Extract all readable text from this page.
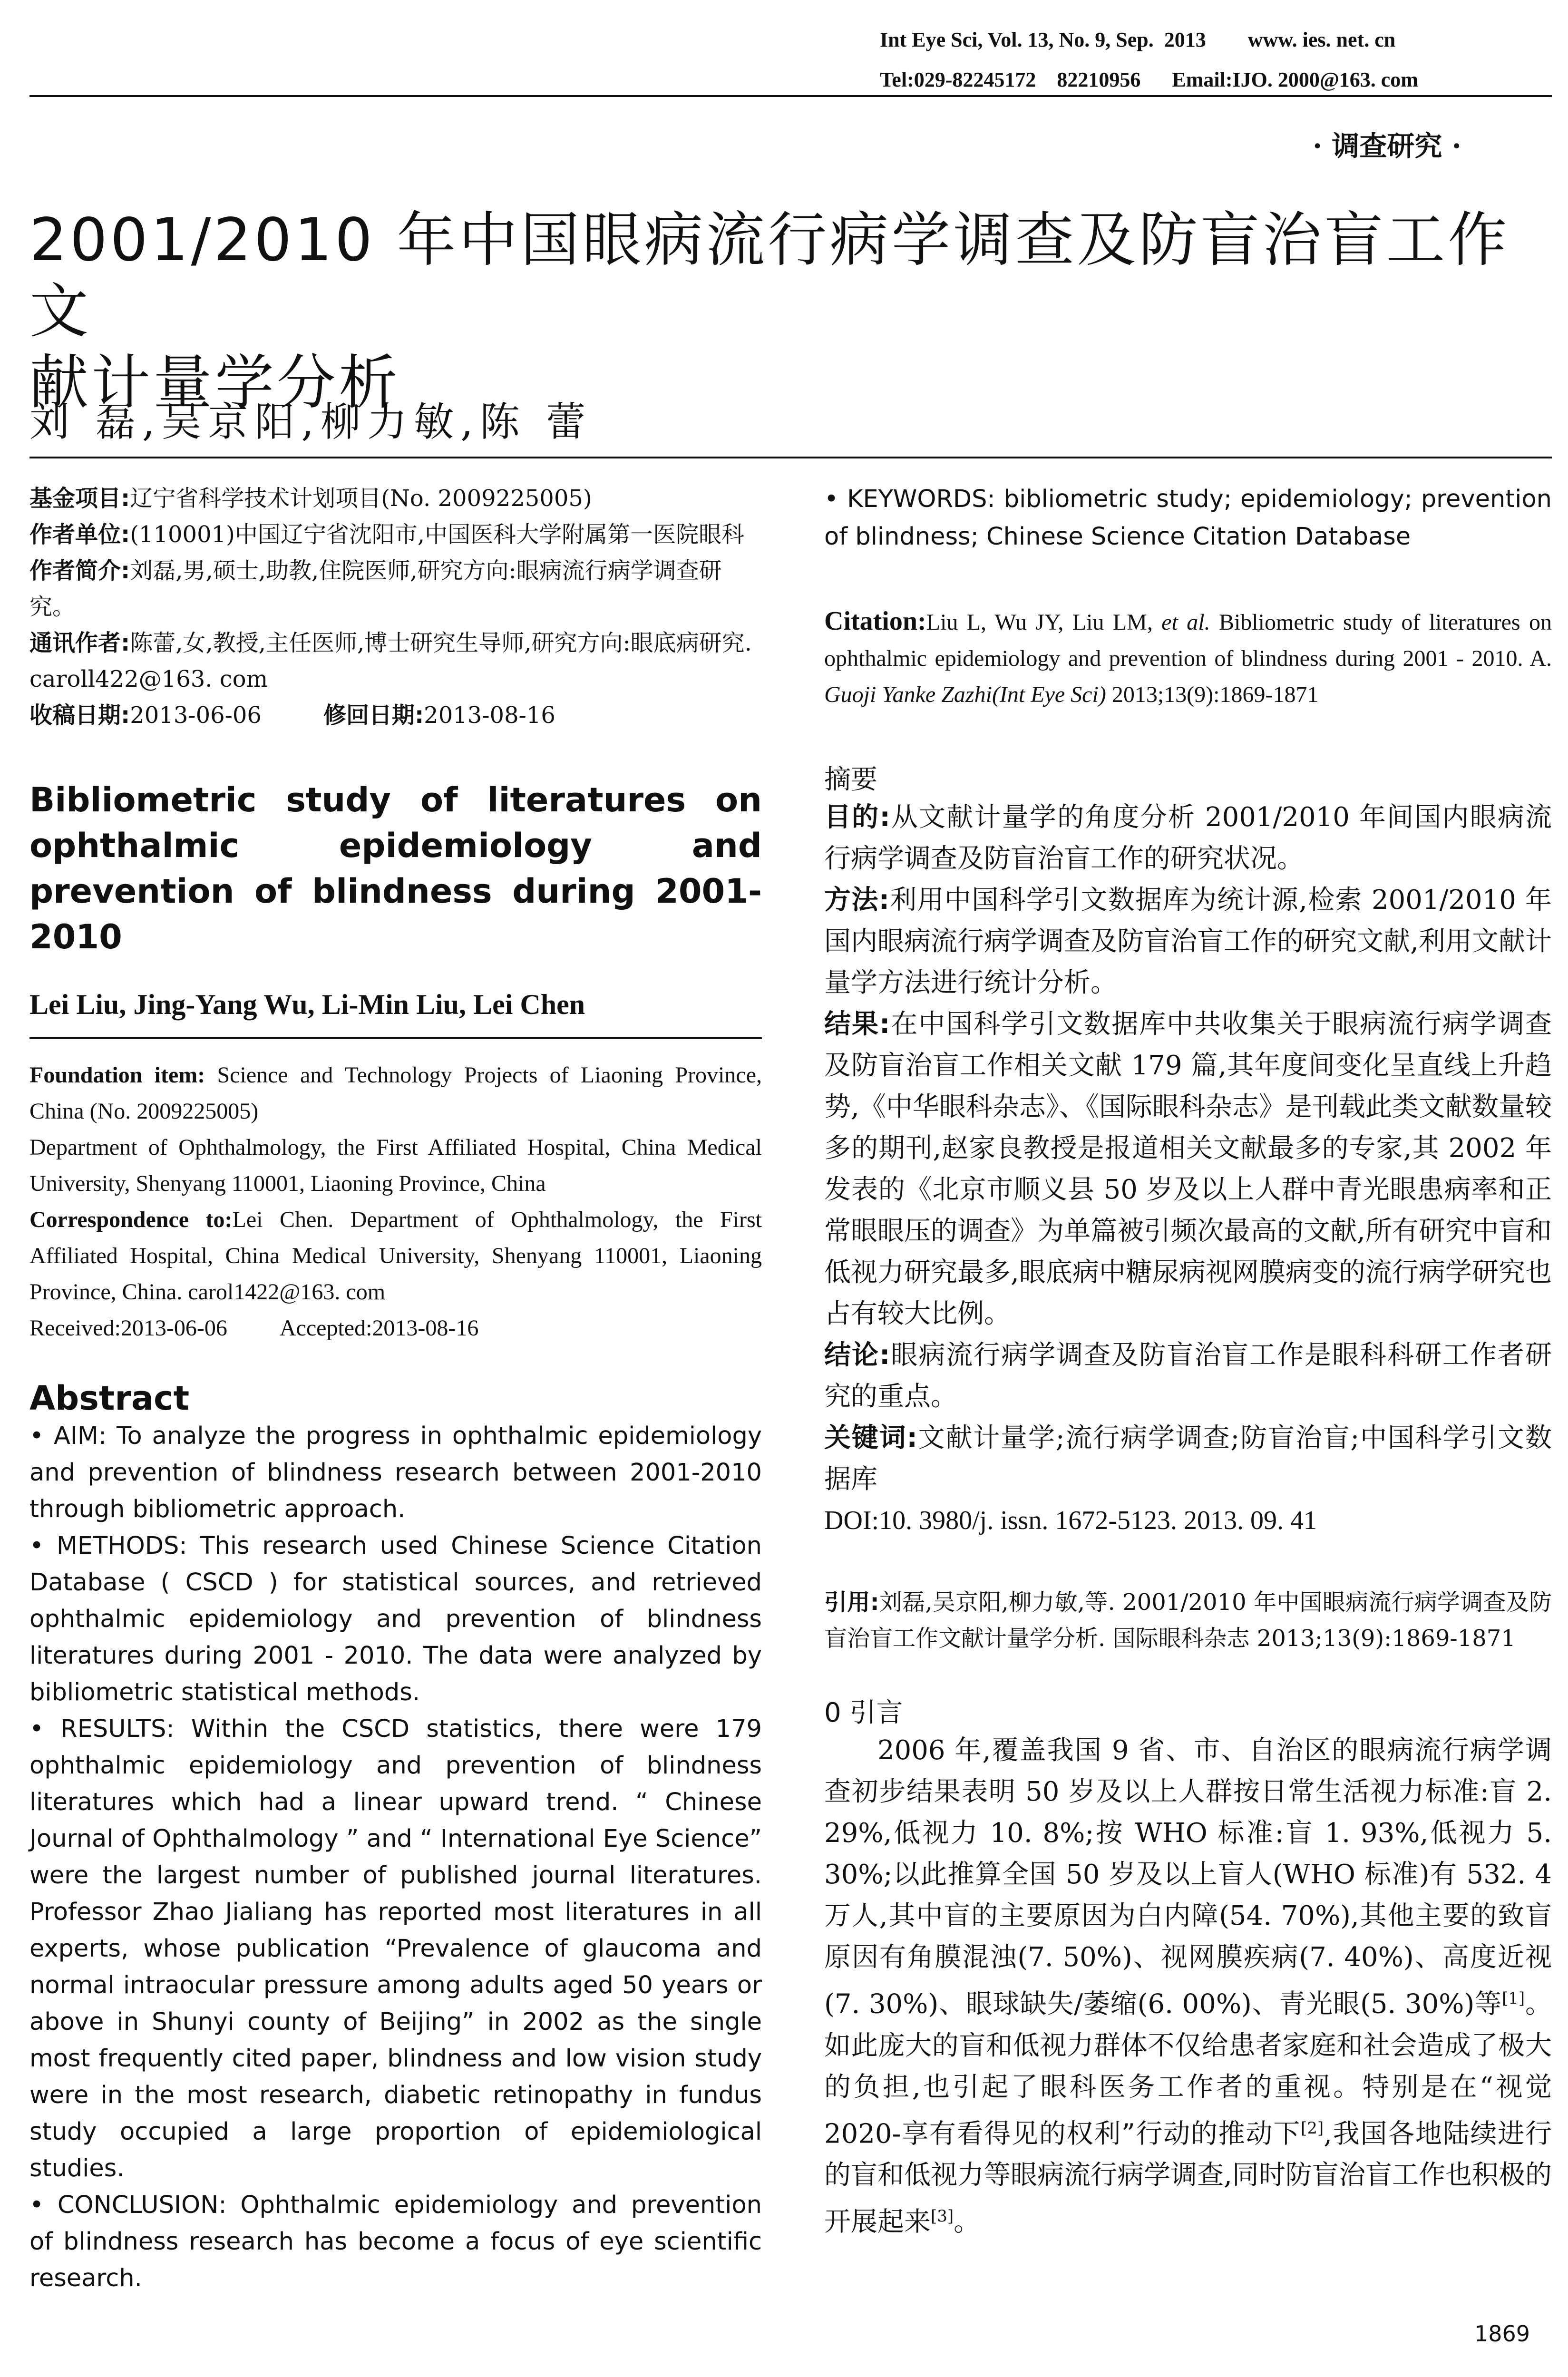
Int Eye Sci, Vol. 13, No. 9, Sep.  2013        www. ies. net. cn
Tel:029-82245172    82210956      Email:IJO. 2000@163. com
· 调查研究 ·
2001/2010 年中国眼病流行病学调查及防盲治盲工作文
献计量学分析
刘 磊,吴京阳,柳力敏,陈 蕾
基金项目:辽宁省科学技术计划项目(No. 2009225005)
作者单位:(110001)中国辽宁省沈阳市,中国医科大学附属第一医院眼科
作者简介:刘磊,男,硕士,助教,住院医师,研究方向:眼病流行病学调查研究。
通讯作者:陈蕾,女,教授,主任医师,博士研究生导师,研究方向:眼底病研究. caroll422@163. com
收稿日期:2013-06-06	修回日期:2013-08-16
Bibliometric study of literatures on ophthalmic epidemiology and prevention of blindness during 2001-2010
Lei Liu, Jing-Yang Wu, Li-Min Liu, Lei Chen
Foundation item: Science and Technology Projects of Liaoning Province, China (No. 2009225005)
Department of Ophthalmology, the First Affiliated Hospital, China Medical University, Shenyang 110001, Liaoning Province, China
Correspondence to:Lei Chen. Department of Ophthalmology, the First Affiliated Hospital, China Medical University, Shenyang 110001, Liaoning Province, China. carol1422@163. com
Received:2013-06-06 Accepted:2013-08-16
Abstract

• AIM: To analyze the progress in ophthalmic epidemiology and prevention of blindness research between 2001-2010 through bibliometric approach.

• METHODS: This research used Chinese Science Citation Database ( CSCD ) for statistical sources, and retrieved ophthalmic epidemiology and prevention of blindness literatures during 2001 - 2010. The data were analyzed by bibliometric statistical methods.

• RESULTS: Within the CSCD statistics, there were 179 ophthalmic epidemiology and prevention of blindness literatures which had a linear upward trend. “ Chinese Journal of Ophthalmology ” and “ International Eye Science” were the largest number of published journal literatures. Professor Zhao Jialiang has reported most literatures in all experts, whose publication “Prevalence of glaucoma and normal intraocular pressure among adults aged 50 years or above in Shunyi county of Beijing” in 2002 as the single most frequently cited paper, blindness and low vision study were in the most research, diabetic retinopathy in fundus study occupied a large proportion of epidemiological studies.

• CONCLUSION: Ophthalmic epidemiology and prevention of blindness research has become a focus of eye scientific research.

• KEYWORDS: bibliometric study; epidemiology; prevention of blindness; Chinese Science Citation Database
Citation:Liu L, Wu JY, Liu LM, et al. Bibliometric study of literatures on ophthalmic epidemiology and prevention of blindness during 2001 - 2010. A. Guoji Yanke Zazhi(Int Eye Sci) 2013;13(9):1869-1871
摘要

目的:从文献计量学的角度分析 2001/2010 年间国内眼病流行病学调查及防盲治盲工作的研究状况。

方法:利用中国科学引文数据库为统计源,检索 2001/2010 年国内眼病流行病学调查及防盲治盲工作的研究文献,利用文献计量学方法进行统计分析。

结果:在中国科学引文数据库中共收集关于眼病流行病学调查及防盲治盲工作相关文献 179 篇,其年度间变化呈直线上升趋势,《中华眼科杂志》、《国际眼科杂志》是刊载此类文献数量较多的期刊,赵家良教授是报道相关文献最多的专家,其 2002 年发表的《北京市顺义县 50 岁及以上人群中青光眼患病率和正常眼眼压的调查》为单篇被引频次最高的文献,所有研究中盲和低视力研究最多,眼底病中糖尿病视网膜病变的流行病学研究也占有较大比例。

结论:眼病流行病学调查及防盲治盲工作是眼科科研工作者研究的重点。

关键词:文献计量学;流行病学调查;防盲治盲;中国科学引文数据库

DOI:10. 3980/j. issn. 1672-5123. 2013. 09. 41

引用:刘磊,吴京阳,柳力敏,等. 2001/2010 年中国眼病流行病学调查及防盲治盲工作文献计量学分析. 国际眼科杂志 2013;13(9):1869-1871
0 引言

2006 年,覆盖我国 9 省、市、自治区的眼病流行病学调查初步结果表明 50 岁及以上人群按日常生活视力标准:盲 2. 29%,低视力 10. 8%;按 WHO 标准:盲 1. 93%,低视力 5. 30%;以此推算全国 50 岁及以上盲人(WHO 标准)有 532. 4 万人,其中盲的主要原因为白内障(54. 70%),其他主要的致盲原因有角膜混浊(7. 50%)、视网膜疾病(7. 40%)、高度近视(7. 30%)、眼球缺失/萎缩(6. 00%)、青光眼(5. 30%)等[1]。如此庞大的盲和低视力群体不仅给患者家庭和社会造成了极大的负担,也引起了眼科医务工作者的重视。特别是在“视觉 2020-享有看得见的权利”行动的推动下[2],我国各地陆续进行的盲和低视力等眼病流行病学调查,同时防盲治盲工作也积极的开展起来[3]。

1869
